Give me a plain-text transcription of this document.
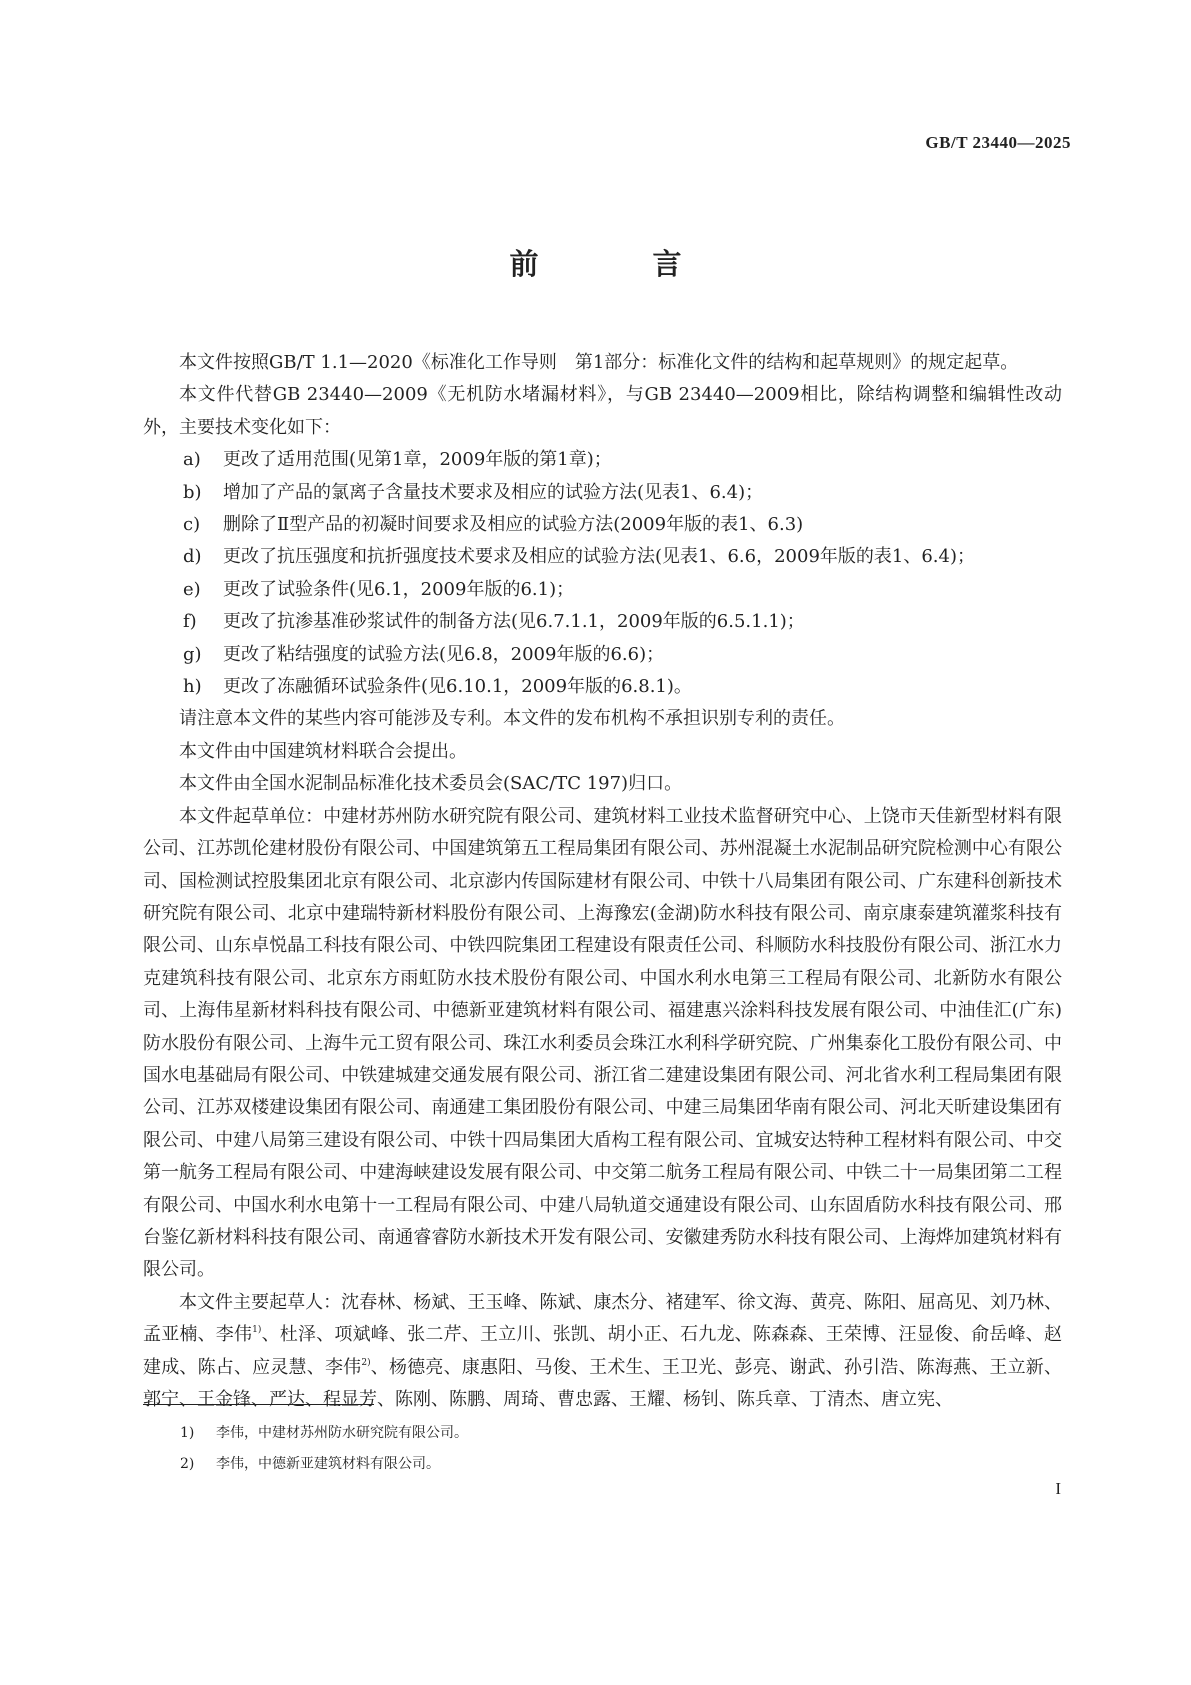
GB/T 23440—2025
前 言

本文件按照GB/T 1.1—2020《标准化工作导则　第1部分：标准化文件的结构和起草规则》的规定起草。

本文件代替GB 23440—2009《无机防水堵漏材料》，与GB 23440—2009相比，除结构调整和编辑性改动外，主要技术变化如下：

a) 更改了适用范围(见第1章，2009年版的第1章)；
b) 增加了产品的氯离子含量技术要求及相应的试验方法(见表1、6.4)；
c) 删除了Ⅱ型产品的初凝时间要求及相应的试验方法(2009年版的表1、6.3)
d) 更改了抗压强度和抗折强度技术要求及相应的试验方法(见表1、6.6，2009年版的表1、6.4)；
e) 更改了试验条件(见6.1，2009年版的6.1)；
f) 更改了抗渗基准砂浆试件的制备方法(见6.7.1.1，2009年版的6.5.1.1)；
g) 更改了粘结强度的试验方法(见6.8，2009年版的6.6)；
h) 更改了冻融循环试验条件(见6.10.1，2009年版的6.8.1)。

请注意本文件的某些内容可能涉及专利。本文件的发布机构不承担识别专利的责任。

本文件由中国建筑材料联合会提出。

本文件由全国水泥制品标准化技术委员会(SAC/TC 197)归口。

本文件起草单位：中建材苏州防水研究院有限公司、建筑材料工业技术监督研究中心、上饶市天佳新型材料有限公司、江苏凯伦建材股份有限公司、中国建筑第五工程局集团有限公司、苏州混凝土水泥制品研究院检测中心有限公司、国检测试控股集团北京有限公司、北京澎内传国际建材有限公司、中铁十八局集团有限公司、广东建科创新技术研究院有限公司、北京中建瑞特新材料股份有限公司、上海豫宏(金湖)防水科技有限公司、南京康泰建筑灌浆科技有限公司、山东卓悦晶工科技有限公司、中铁四院集团工程建设有限责任公司、科顺防水科技股份有限公司、浙江水力克建筑科技有限公司、北京东方雨虹防水技术股份有限公司、中国水利水电第三工程局有限公司、北新防水有限公司、上海伟星新材料科技有限公司、中德新亚建筑材料有限公司、福建惠兴涂料科技发展有限公司、中油佳汇(广东)防水股份有限公司、上海牛元工贸有限公司、珠江水利委员会珠江水利科学研究院、广州集泰化工股份有限公司、中国水电基础局有限公司、中铁建城建交通发展有限公司、浙江省二建建设集团有限公司、河北省水利工程局集团有限公司、江苏双楼建设集团有限公司、南通建工集团股份有限公司、中建三局集团华南有限公司、河北天昕建设集团有限公司、中建八局第三建设有限公司、中铁十四局集团大盾构工程有限公司、宜城安达特种工程材料有限公司、中交第一航务工程局有限公司、中建海峡建设发展有限公司、中交第二航务工程局有限公司、中铁二十一局集团第二工程有限公司、中国水利水电第十一工程局有限公司、中建八局轨道交通建设有限公司、山东固盾防水科技有限公司、邢台鉴亿新材料科技有限公司、南通睿睿防水新技术开发有限公司、安徽建秀防水科技有限公司、上海烨加建筑材料有限公司。

本文件主要起草人：沈春林、杨斌、王玉峰、陈斌、康杰分、褚建军、徐文海、黄亮、陈阳、屈高见、刘乃林、孟亚楠、李伟$^{1)}$、杜泽、项斌峰、张二芹、王立川、张凯、胡小正、石九龙、陈森森、王荣博、汪显俊、俞岳峰、赵建成、陈占、应灵慧、李伟$^{2)}$、杨德亮、康惠阳、马俊、王术生、王卫光、彭亮、谢武、孙引浩、陈海燕、王立新、郭宁、王金锋、严达、程显芳、陈刚、陈鹏、周琦、曹忠露、王耀、杨钊、陈兵章、丁清杰、唐立宪、

1) 李伟，中建材苏州防水研究院有限公司。
2) 李伟，中德新亚建筑材料有限公司。
I
